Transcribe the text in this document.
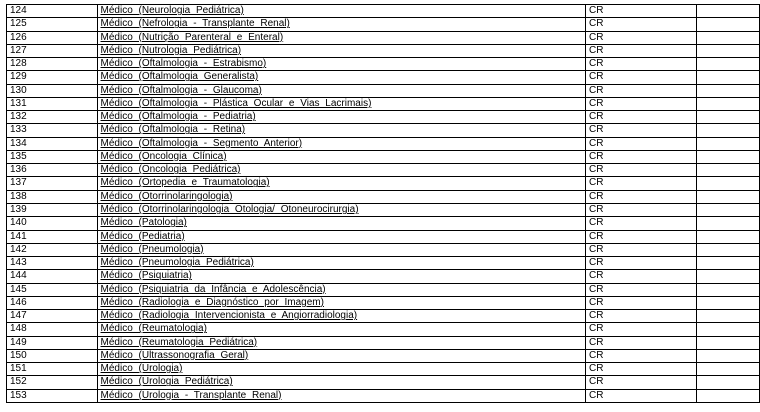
124	Médico (Neurologia Pediátrica)	CR	
125	Médico (Nefrologia - Transplante Renal)	CR	
126	Médico (Nutrição Parenteral e Enteral)	CR	
127	Médico (Nutrologia Pediátrica)	CR	
128	Médico (Oftalmologia - Estrabismo)	CR	
129	Médico (Oftalmologia Generalista)	CR	
130	Médico (Oftalmologia - Glaucoma)	CR	
131	Médico (Oftalmologia - Plástica Ocular e Vias Lacrimais)	CR	
132	Médico (Oftalmologia - Pediatria)	CR	
133	Médico (Oftalmologia - Retina)	CR	
134	Médico (Oftalmologia - Segmento Anterior)	CR	
135	Médico (Oncologia Clínica)	CR	
136	Médico (Oncologia Pediátrica)	CR	
137	Médico (Ortopedia e Traumatologia)	CR	
138	Médico (Otorrinolaringologia)	CR	
139	Médico (Otorrinolaringologia Otologia/ Otoneurocirurgia)	CR	
140	Médico (Patologia)	CR	
141	Médico (Pediatria)	CR	
142	Médico (Pneumologia)	CR	
143	Médico (Pneumologia Pediátrica)	CR	
144	Médico (Psiquiatria)	CR	
145	Médico (Psiquiatria da Infância e Adolescência)	CR	
146	Médico (Radiologia e Diagnóstico por Imagem)	CR	
147	Médico (Radiologia Intervencionista e Angiorradiologia)	CR	
148	Médico (Reumatologia)	CR	
149	Médico (Reumatologia Pediátrica)	CR	
150	Médico (Ultrassonografia Geral)	CR	
151	Médico (Urologia)	CR	
152	Médico (Urologia Pediátrica)	CR	
153	Médico (Urologia - Transplante Renal)	CR	
